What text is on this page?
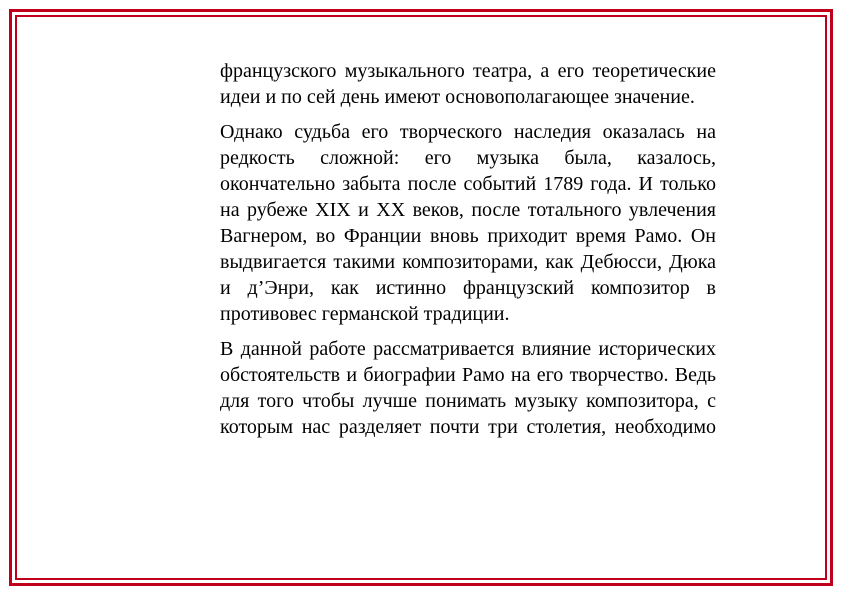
французского музыкального театра, а его теоретические идеи и по сей день имеют основополагающее значение.

Однако судьба его творческого наследия оказалась на редкость сложной: его музыка была, казалось, окончательно забыта после событий 1789 года. И только на рубеже XIX и XX веков, после тотального увлечения Вагнером, во Франции вновь приходит время Рамо. Он выдвигается такими композиторами, как Дебюсси, Дюка и д’Энри, как истинно французский композитор в противовес германской традиции.

В данной работе рассматривается влияние исторических обстоятельств и биографии Рамо на его творчество. Ведь для того чтобы лучше понимать музыку композитора, с которым нас разделяет почти три столетия, необходимо
